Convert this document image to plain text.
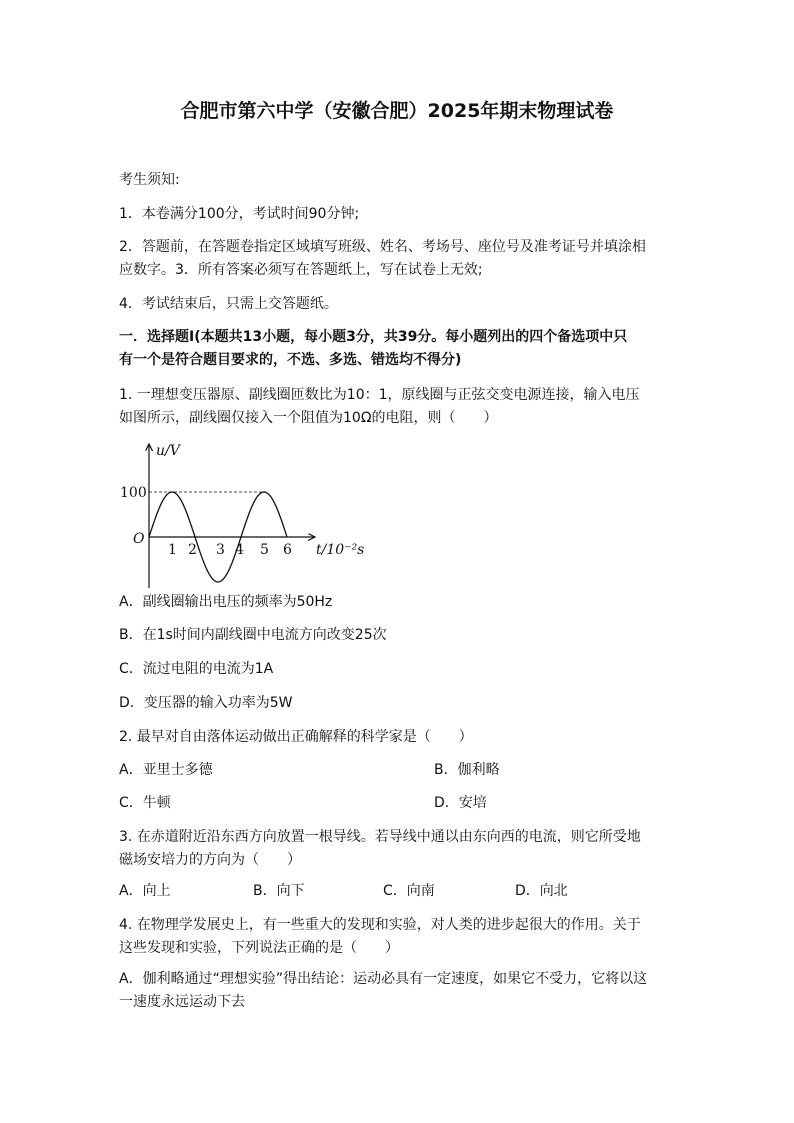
合肥市第六中学（安徽合肥）2025年期末物理试卷
考生须知:
1．本卷满分100分，考试时间90分钟;
2．答题前，在答题卷指定区域填写班级、姓名、考场号、座位号及准考证号并填涂相
应数字。3．所有答案必须写在答题纸上，写在试卷上无效;
4．考试结束后，只需上交答题纸。
一．选择题Ⅰ(本题共13小题，每小题3分，共39分。每小题列出的四个备选项中只
有一个是符合题目要求的，不选、多选、错选均不得分)
1. 一理想变压器原、副线圈匝数比为10：1，原线圈与正弦交变电源连接，输入电压
如图所示，副线圈仅接入一个阻值为10Ω的电阻，则（　　）
u/V
O
100
t/10⁻²s
1 2 3 4 5 6
A．副线圈输出电压的频率为50Hz
B．在1s时间内副线圈中电流方向改变25次
C．流过电阻的电流为1A
D．变压器的输入功率为5W
2. 最早对自由落体运动做出正确解释的科学家是（　　）
A．亚里士多德	B．伽利略
C．牛顿	D．安培
3. 在赤道附近沿东西方向放置一根导线。若导线中通以由东向西的电流，则它所受地
磁场安培力的方向为（　　）
A．向上	B．向下	C．向南	D．向北
4. 在物理学发展史上，有一些重大的发现和实验，对人类的进步起很大的作用。关于
这些发现和实验，下列说法正确的是（　　）
A．伽利略通过“理想实验”得出结论：运动必具有一定速度，如果它不受力，它将以这
一速度永远运动下去
